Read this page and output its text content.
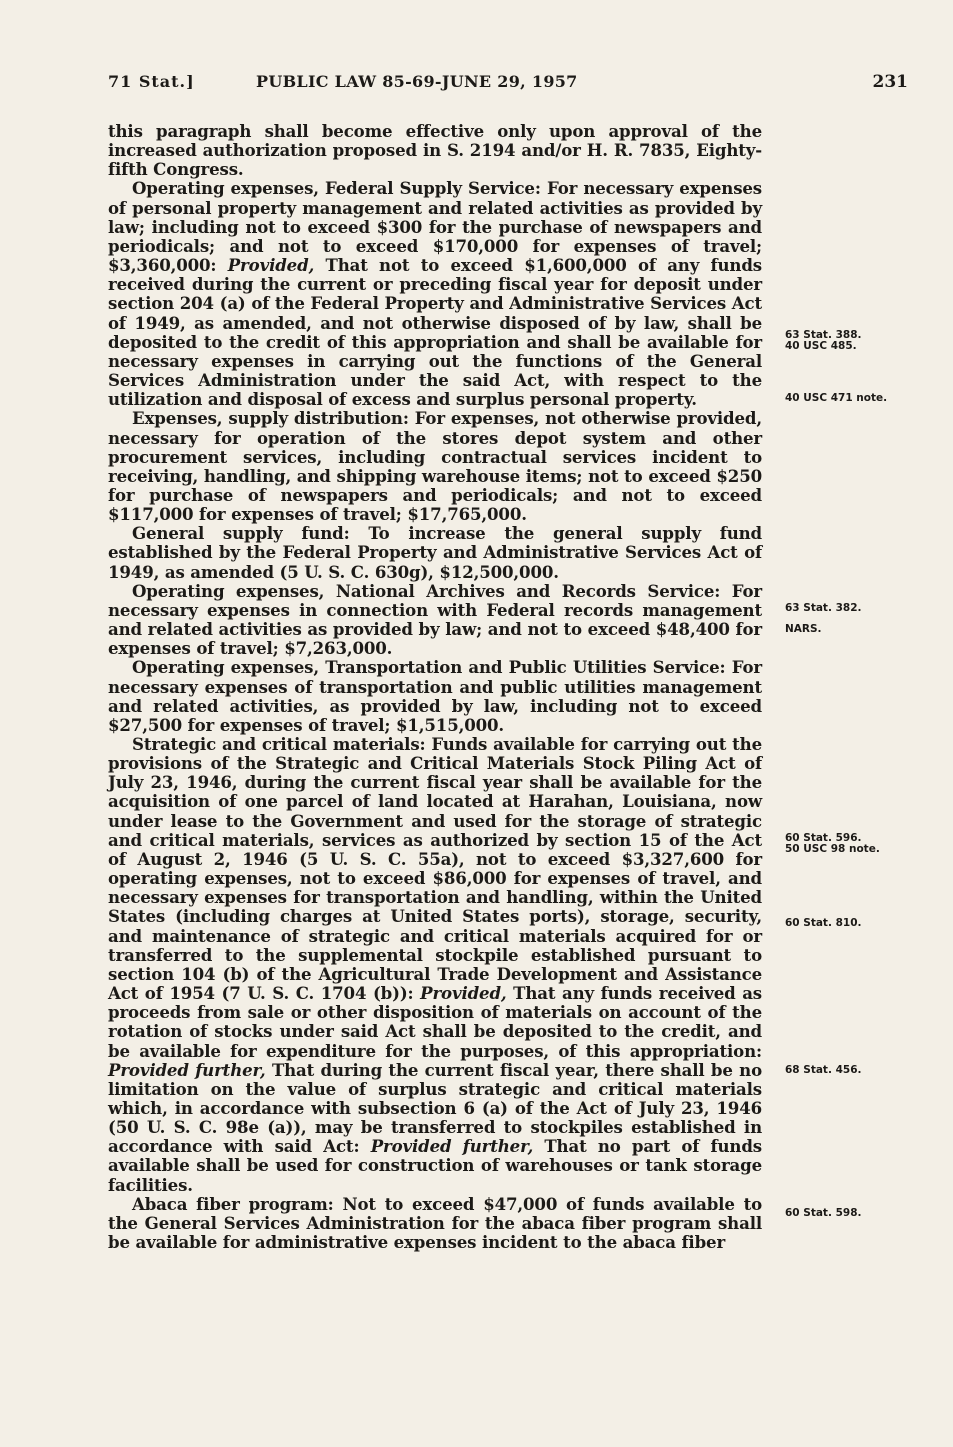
71 Stat.]	PUBLIC LAW 85-69-JUNE 29, 1957	231

this paragraph shall become effective only upon approval of the increased authorization proposed in S. 2194 and/or H. R. 7835, Eighty-fifth Congress.

Operating expenses, Federal Supply Service: For necessary expenses of personal property management and related activities as provided by law; including not to exceed $300 for the purchase of newspapers and periodicals; and not to exceed $170,000 for expenses of travel; $3,360,000: Provided, That not to exceed $1,600,000 of any funds received during the current or preceding fiscal year for deposit under section 204 (a) of the Federal Property and Administrative Services Act of 1949, as amended, and not otherwise disposed of by law, shall be deposited to the credit of this appropriation and shall be available for necessary expenses in carrying out the functions of the General Services Administration under the said Act, with respect to the utilization and disposal of excess and surplus personal property.

Expenses, supply distribution: For expenses, not otherwise provided, necessary for operation of the stores depot system and other procurement services, including contractual services incident to receiving, handling, and shipping warehouse items; not to exceed $250 for purchase of newspapers and periodicals; and not to exceed $117,000 for expenses of travel; $17,765,000.

General supply fund: To increase the general supply fund established by the Federal Property and Administrative Services Act of 1949, as amended (5 U. S. C. 630g), $12,500,000.

Operating expenses, National Archives and Records Service: For necessary expenses in connection with Federal records management and related activities as provided by law; and not to exceed $48,400 for expenses of travel; $7,263,000.

Operating expenses, Transportation and Public Utilities Service: For necessary expenses of transportation and public utilities management and related activities, as provided by law, including not to exceed $27,500 for expenses of travel; $1,515,000.

Strategic and critical materials: Funds available for carrying out the provisions of the Strategic and Critical Materials Stock Piling Act of July 23, 1946, during the current fiscal year shall be available for the acquisition of one parcel of land located at Harahan, Louisiana, now under lease to the Government and used for the storage of strategic and critical materials, services as authorized by section 15 of the Act of August 2, 1946 (5 U. S. C. 55a), not to exceed $3,327,600 for operating expenses, not to exceed $86,000 for expenses of travel, and necessary expenses for transportation and handling, within the United States (including charges at United States ports), storage, security, and maintenance of strategic and critical materials acquired for or transferred to the supplemental stockpile established pursuant to section 104 (b) of the Agricultural Trade Development and Assistance Act of 1954 (7 U. S. C. 1704 (b)): Provided, That any funds received as proceeds from sale or other disposition of materials on account of the rotation of stocks under said Act shall be deposited to the credit, and be available for expenditure for the purposes, of this appropriation: Provided further, That during the current fiscal year, there shall be no limitation on the value of surplus strategic and critical materials which, in accordance with subsection 6 (a) of the Act of July 23, 1946 (50 U. S. C. 98e (a)), may be transferred to stockpiles established in accordance with said Act: Provided further, That no part of funds available shall be used for construction of warehouses or tank storage facilities.

Abaca fiber program: Not to exceed $47,000 of funds available to the General Services Administration for the abaca fiber program shall be available for administrative expenses incident to the abaca fiber

63 Stat. 388.
40 USC 485.
40 USC 471 note.
63 Stat. 382.
NARS.
60 Stat. 596.
50 USC 98 note.
60 Stat. 810.
68 Stat. 456.
60 Stat. 598.
